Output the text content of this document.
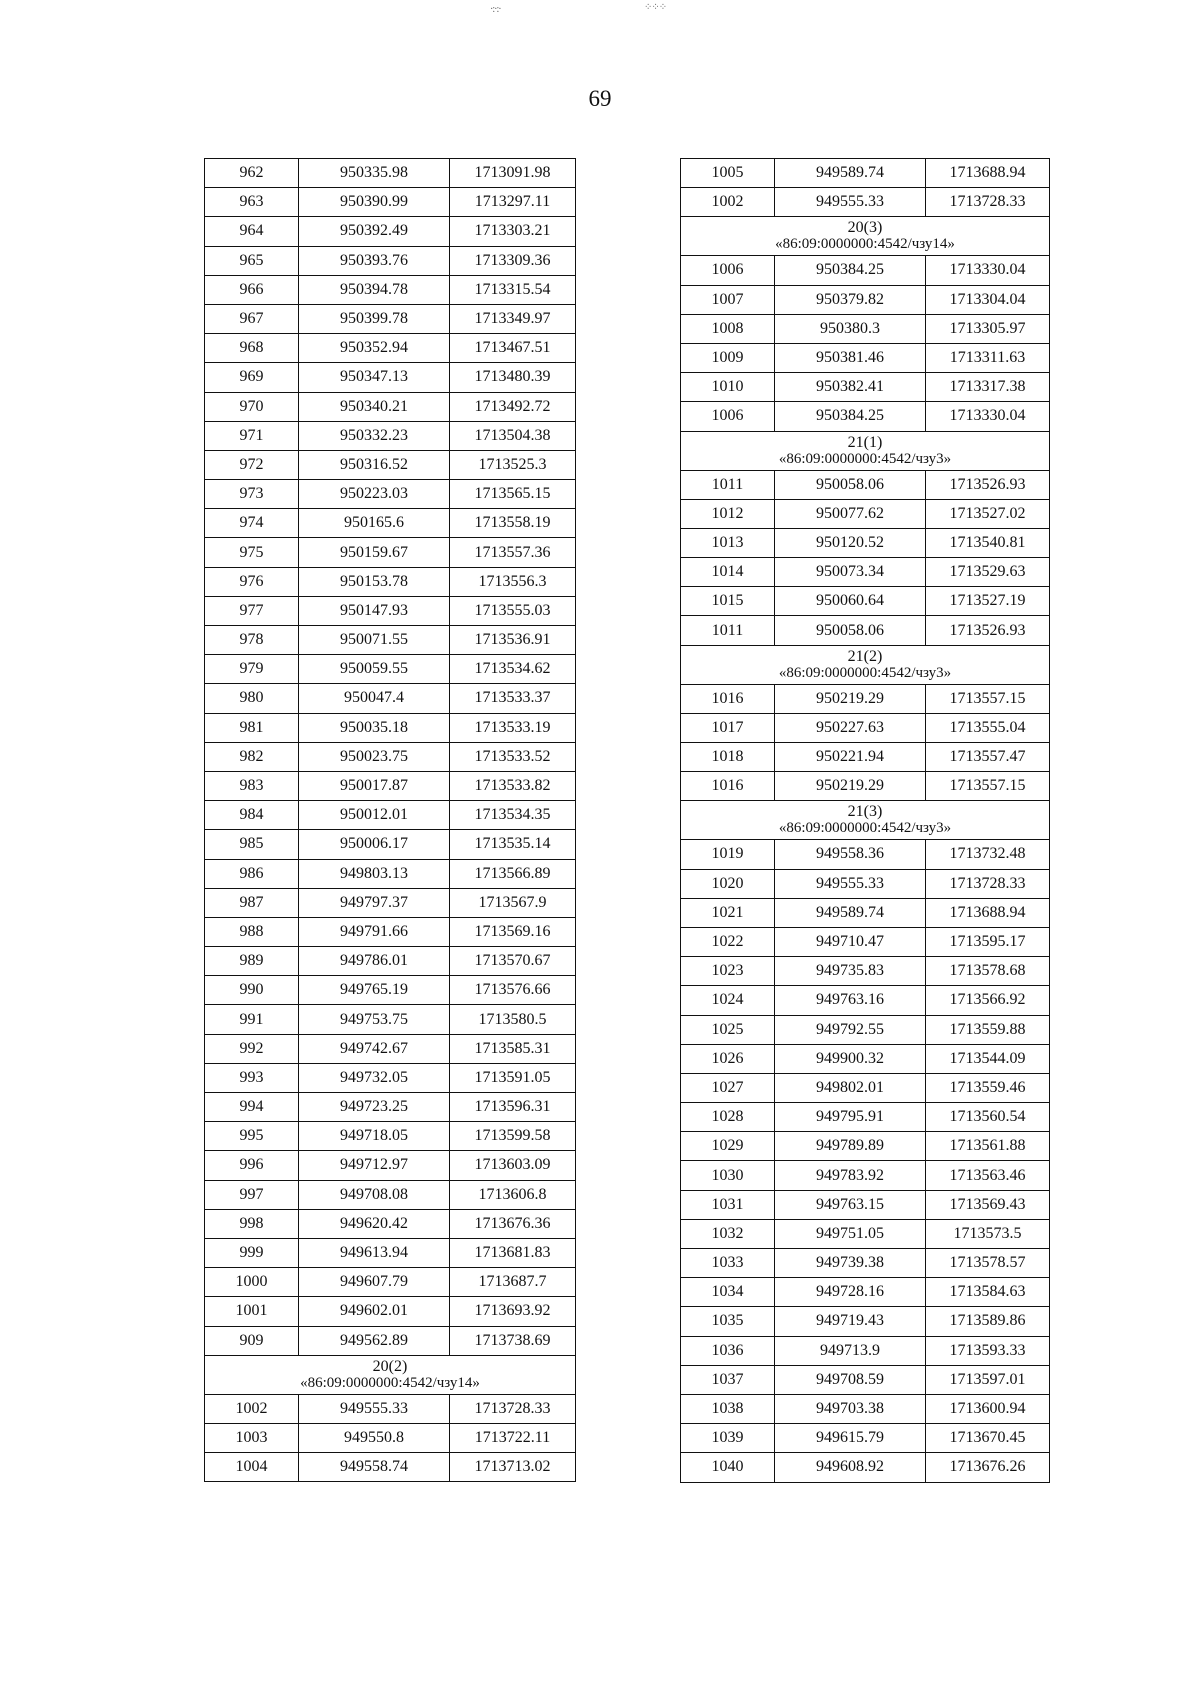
·:·:·	⁘⁘⁘
69
962	950335.98	1713091.98
963	950390.99	1713297.11
964	950392.49	1713303.21
965	950393.76	1713309.36
966	950394.78	1713315.54
967	950399.78	1713349.97
968	950352.94	1713467.51
969	950347.13	1713480.39
970	950340.21	1713492.72
971	950332.23	1713504.38
972	950316.52	1713525.3
973	950223.03	1713565.15
974	950165.6	1713558.19
975	950159.67	1713557.36
976	950153.78	1713556.3
977	950147.93	1713555.03
978	950071.55	1713536.91
979	950059.55	1713534.62
980	950047.4	1713533.37
981	950035.18	1713533.19
982	950023.75	1713533.52
983	950017.87	1713533.82
984	950012.01	1713534.35
985	950006.17	1713535.14
986	949803.13	1713566.89
987	949797.37	1713567.9
988	949791.66	1713569.16
989	949786.01	1713570.67
990	949765.19	1713576.66
991	949753.75	1713580.5
992	949742.67	1713585.31
993	949732.05	1713591.05
994	949723.25	1713596.31
995	949718.05	1713599.58
996	949712.97	1713603.09
997	949708.08	1713606.8
998	949620.42	1713676.36
999	949613.94	1713681.83
1000	949607.79	1713687.7
1001	949602.01	1713693.92
909	949562.89	1713738.69

20(2)
«86:09:0000000:4542/чзу14»		

1002	949555.33	1713728.33
1003	949550.8	1713722.11
1004	949558.74	1713713.02
1005	949589.74	1713688.94
1002	949555.33	1713728.33

20(3)
«86:09:0000000:4542/чзу14»		

1006	950384.25	1713330.04
1007	950379.82	1713304.04
1008	950380.3	1713305.97
1009	950381.46	1713311.63
1010	950382.41	1713317.38
1006	950384.25	1713330.04

21(1)
«86:09:0000000:4542/чзу3»		

1011	950058.06	1713526.93
1012	950077.62	1713527.02
1013	950120.52	1713540.81
1014	950073.34	1713529.63
1015	950060.64	1713527.19
1011	950058.06	1713526.93

21(2)
«86:09:0000000:4542/чзу3»		

1016	950219.29	1713557.15
1017	950227.63	1713555.04
1018	950221.94	1713557.47
1016	950219.29	1713557.15

21(3)
«86:09:0000000:4542/чзу3»		

1019	949558.36	1713732.48
1020	949555.33	1713728.33
1021	949589.74	1713688.94
1022	949710.47	1713595.17
1023	949735.83	1713578.68
1024	949763.16	1713566.92
1025	949792.55	1713559.88
1026	949900.32	1713544.09
1027	949802.01	1713559.46
1028	949795.91	1713560.54
1029	949789.89	1713561.88
1030	949783.92	1713563.46
1031	949763.15	1713569.43
1032	949751.05	1713573.5
1033	949739.38	1713578.57
1034	949728.16	1713584.63
1035	949719.43	1713589.86
1036	949713.9	1713593.33
1037	949708.59	1713597.01
1038	949703.38	1713600.94
1039	949615.79	1713670.45
1040	949608.92	1713676.26
